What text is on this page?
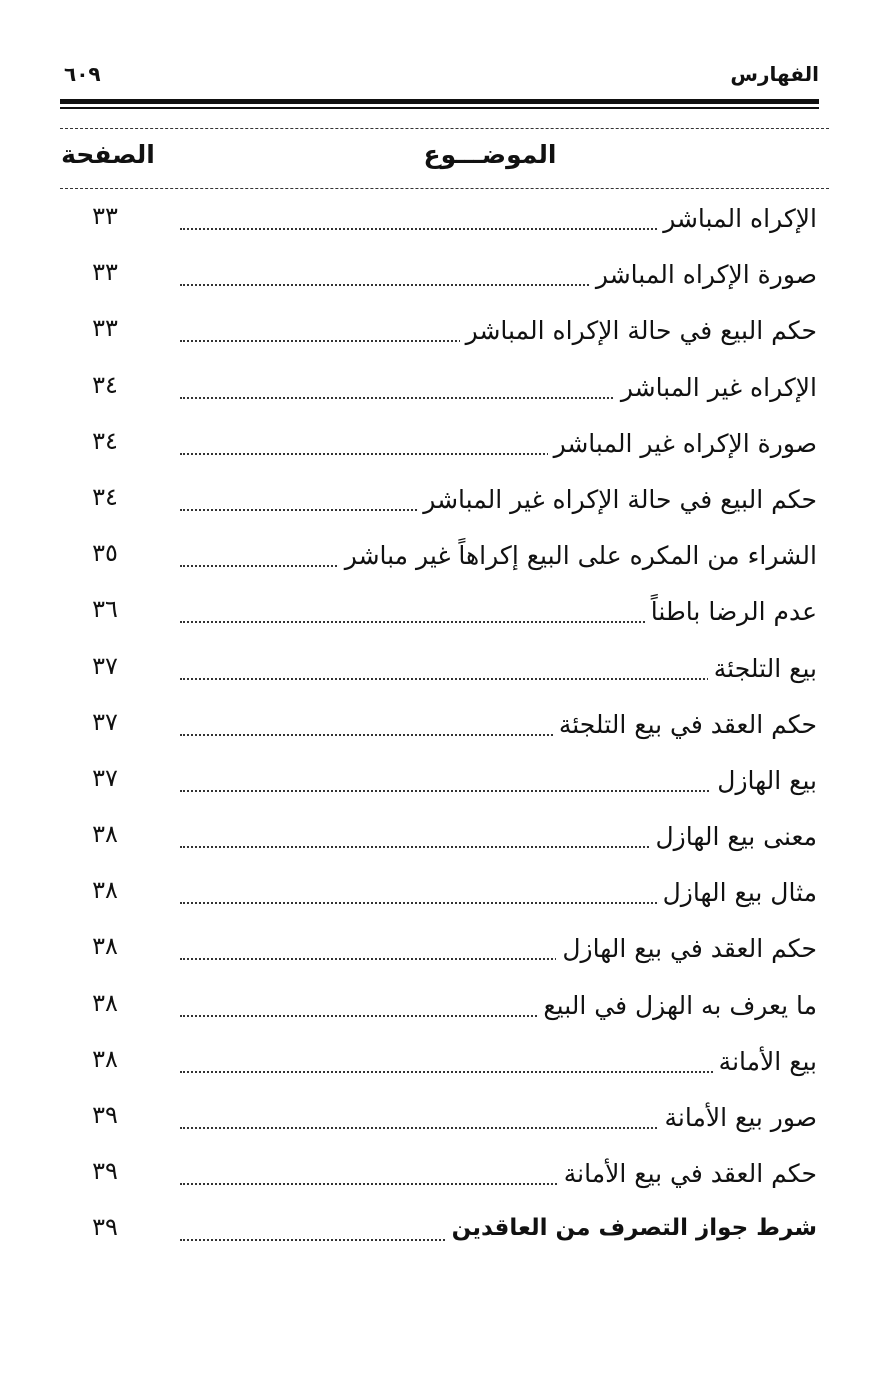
الفهارس
٦٠٩
الموضـــوع
الصفحة
الإكراه المباشر
٣٣
صورة الإكراه المباشر
٣٣
حكم البيع في حالة الإكراه المباشر
٣٣
الإكراه غير المباشر
٣٤
صورة الإكراه غير المباشر
٣٤
حكم البيع في حالة الإكراه غير المباشر
٣٤
الشراء من المكره على البيع إكراهاً غير مباشر
٣٥
عدم الرضا باطناً
٣٦
بيع التلجئة
٣٧
حكم العقد في بيع التلجئة
٣٧
بيع الهازل
٣٧
معنى بيع الهازل
٣٨
مثال بيع الهازل
٣٨
حكم العقد في بيع الهازل
٣٨
ما يعرف به الهزل في البيع
٣٨
بيع الأمانة
٣٨
صور بيع الأمانة
٣٩
حكم العقد في بيع الأمانة
٣٩
شرط جواز التصرف من العاقدين
٣٩
